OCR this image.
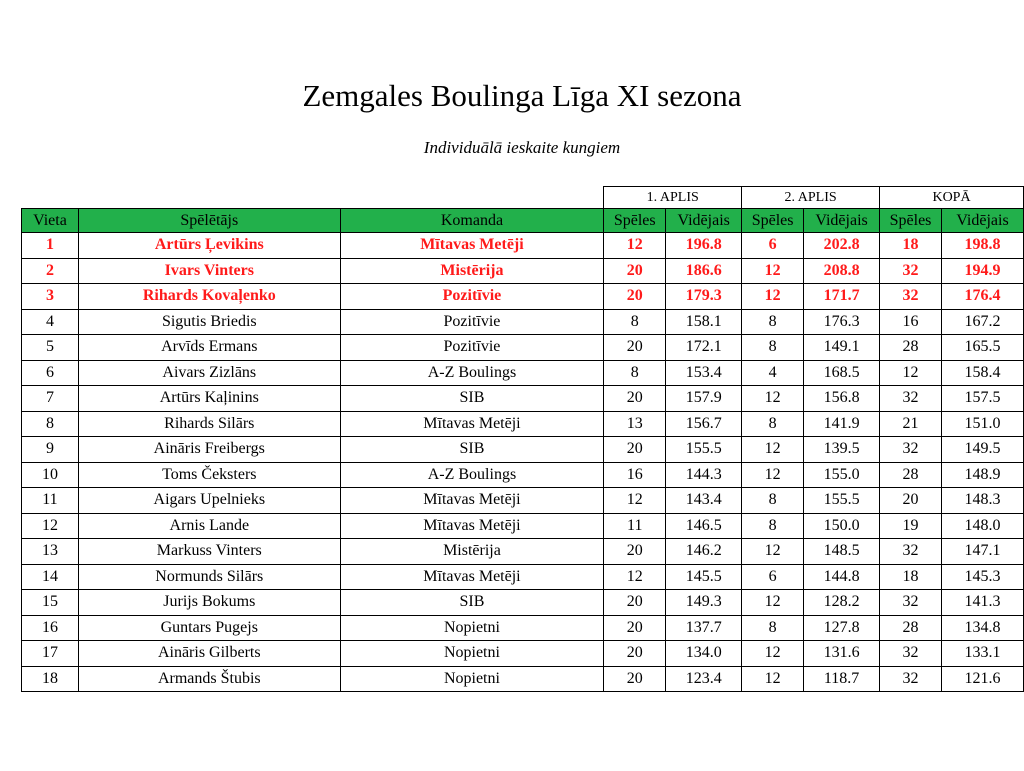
Zemgales Boulinga Līga XI sezona
Individuālā ieskaite kungiem
			1. APLIS		2. APLIS		KOPĀ	
Vieta	Spēlētājs	Komanda	Spēles	Vidējais	Spēles	Vidējais	Spēles	Vidējais
1	Artūrs Ļevikins	Mītavas Metēji	12	196.8	6	202.8	18	198.8
2	Ivars Vinters	Mistērija	20	186.6	12	208.8	32	194.9
3	Rihards Kovaļenko	Pozitīvie	20	179.3	12	171.7	32	176.4
4	Sigutis Briedis	Pozitīvie	8	158.1	8	176.3	16	167.2
5	Arvīds Ermans	Pozitīvie	20	172.1	8	149.1	28	165.5
6	Aivars Zizlāns	A-Z Boulings	8	153.4	4	168.5	12	158.4
7	Artūrs Kaļinins	SIB	20	157.9	12	156.8	32	157.5
8	Rihards Silārs	Mītavas Metēji	13	156.7	8	141.9	21	151.0
9	Aināris Freibergs	SIB	20	155.5	12	139.5	32	149.5
10	Toms Čeksters	A-Z Boulings	16	144.3	12	155.0	28	148.9
11	Aigars Upelnieks	Mītavas Metēji	12	143.4	8	155.5	20	148.3
12	Arnis Lande	Mītavas Metēji	11	146.5	8	150.0	19	148.0
13	Markuss Vinters	Mistērija	20	146.2	12	148.5	32	147.1
14	Normunds Silārs	Mītavas Metēji	12	145.5	6	144.8	18	145.3
15	Jurijs Bokums	SIB	20	149.3	12	128.2	32	141.3
16	Guntars Pugejs	Nopietni	20	137.7	8	127.8	28	134.8
17	Aināris Gilberts	Nopietni	20	134.0	12	131.6	32	133.1
18	Armands Štubis	Nopietni	20	123.4	12	118.7	32	121.6
